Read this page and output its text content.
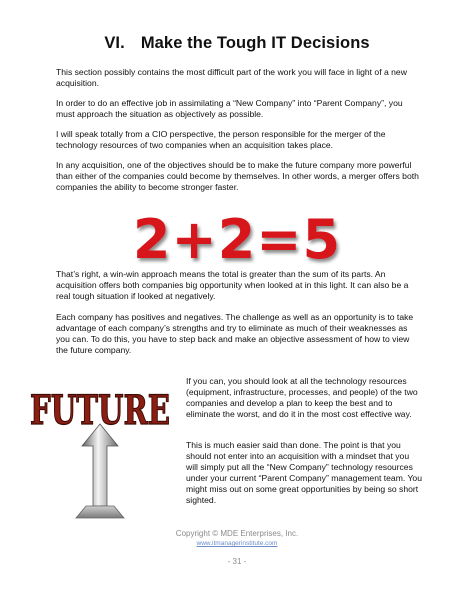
VI. Make the Tough IT Decisions

This section possibly contains the most difficult part of the work you will face in light of a new acquisition.

In order to do an effective job in assimilating a “New Company” into “Parent Company”, you must approach the situation as objectively as possible.

I will speak totally from a CIO perspective, the person responsible for the merger of the technology resources of two companies when an acquisition takes place.

In any acquisition, one of the objectives should be to make the future company more powerful than either of the companies could become by themselves. In other words, a merger offers both companies the ability to become stronger faster.

2+2=5

That’s right, a win-win approach means the total is greater than the sum of its parts. An acquisition offers both companies big opportunity when looked at in this light. It can also be a real tough situation if looked at negatively.

Each company has positives and negatives. The challenge as well as an opportunity is to take advantage of each company’s strengths and try to eliminate as much of their weaknesses as you can. To do this, you have to step back and make an objective assessment of how to view the future company.

FUTURE

If you can, you should look at all the technology resources (equipment, infrastructure, processes, and people) of the two companies and develop a plan to keep the best and to eliminate the worst, and do it in the most cost effective way.

This is much easier said than done. The point is that you should not enter into an acquisition with a mindset that you will simply put all the “New Company” technology resources under your current “Parent Company” management team. You might miss out on some great opportunities by being so short sighted.

Copyright © MDE Enterprises, Inc.

www.itmanagerinstitute.com

- 31 -
